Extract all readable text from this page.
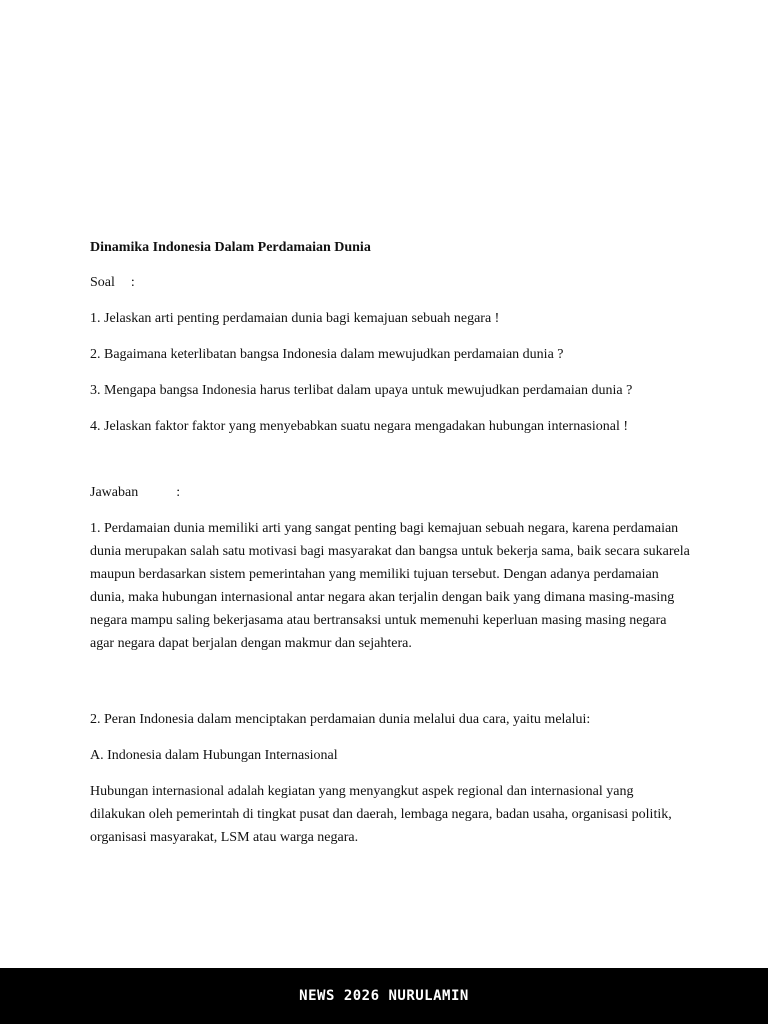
Dinamika Indonesia Dalam Perdamaian Dunia
Soal :
1. Jelaskan arti penting perdamaian dunia bagi kemajuan sebuah negara !
2. Bagaimana keterlibatan bangsa Indonesia dalam mewujudkan perdamaian dunia ?
3. Mengapa bangsa Indonesia harus terlibat dalam upaya untuk mewujudkan perdamaian dunia ?
4. Jelaskan faktor faktor yang menyebabkan suatu negara mengadakan hubungan internasional !
Jawaban	:
1. Perdamaian dunia memiliki arti yang sangat penting bagi kemajuan sebuah negara, karena perdamaian dunia merupakan salah satu motivasi bagi masyarakat dan bangsa untuk bekerja sama, baik secara sukarela maupun berdasarkan sistem pemerintahan yang memiliki tujuan tersebut. Dengan adanya perdamaian dunia, maka hubungan internasional antar negara akan terjalin dengan baik yang dimana masing-masing negara mampu saling bekerjasama atau bertransaksi untuk memenuhi keperluan masing masing negara agar negara dapat berjalan dengan makmur dan sejahtera.
2. Peran Indonesia dalam menciptakan perdamaian dunia melalui dua cara, yaitu melalui:
A. Indonesia dalam Hubungan Internasional
Hubungan internasional adalah kegiatan yang menyangkut aspek regional dan internasional yang dilakukan oleh pemerintah di tingkat pusat dan daerah, lembaga negara, badan usaha, organisasi politik, organisasi masyarakat, LSM atau warga negara.
NEWS 2026 NURULAMIN
